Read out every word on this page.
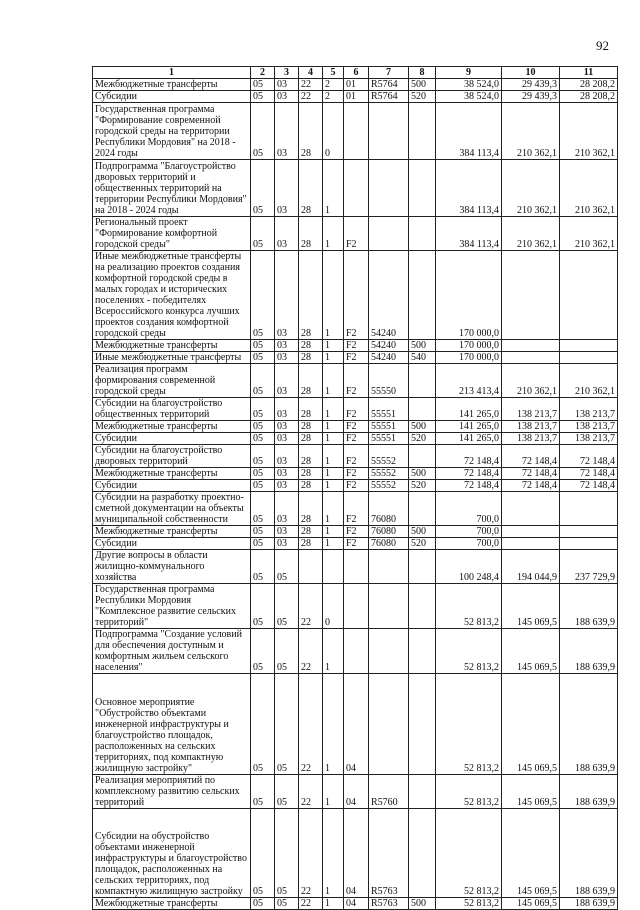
92
1	2	3	4	5	6	7	8	9	10	11
Межбюджетные трансферты	05	03	22	2	01	R5764	500	38 524,0	29 439,3	28 208,2
Субсидии	05	03	22	2	01	R5764	520	38 524,0	29 439,3	28 208,2
Государственная программа "Формирование современной городской среды на территории Республики Мордовия" на 2018 - 2024 годы	05	03	28	0				384 113,4	210 362,1	210 362,1
Подпрограмма "Благоустройство дворовых территорий и общественных территорий на территории Республики Мордовия" на 2018 - 2024 годы	05	03	28	1				384 113,4	210 362,1	210 362,1
Региональный проект "Формирование комфортной городской среды"	05	03	28	1	F2			384 113,4	210 362,1	210 362,1
Иные межбюджетные трансферты на реализацию проектов создания комфортной городской среды в малых городах и исторических поселениях - победителях Всероссийского конкурса лучших проектов создания комфортной городской среды	05	03	28	1	F2	54240		170 000,0		
Межбюджетные трансферты	05	03	28	1	F2	54240	500	170 000,0		
Иные межбюджетные трансферты	05	03	28	1	F2	54240	540	170 000,0		
Реализация программ формирования современной городской среды	05	03	28	1	F2	55550		213 413,4	210 362,1	210 362,1
Субсидии на благоустройство общественных территорий	05	03	28	1	F2	55551		141 265,0	138 213,7	138 213,7
Межбюджетные трансферты	05	03	28	1	F2	55551	500	141 265,0	138 213,7	138 213,7
Субсидии	05	03	28	1	F2	55551	520	141 265,0	138 213,7	138 213,7
Субсидии на благоустройство дворовых территорий	05	03	28	1	F2	55552		72 148,4	72 148,4	72 148,4
Межбюджетные трансферты	05	03	28	1	F2	55552	500	72 148,4	72 148,4	72 148,4
Субсидии	05	03	28	1	F2	55552	520	72 148,4	72 148,4	72 148,4
Субсидии на разработку проектно-сметной документации на объекты муниципальной собственности	05	03	28	1	F2	76080		700,0		
Межбюджетные трансферты	05	03	28	1	F2	76080	500	700,0		
Субсидии	05	03	28	1	F2	76080	520	700,0		
Другие вопросы в области жилищно-коммунального хозяйства	05	05						100 248,4	194 044,9	237 729,9
Государственная программа Республики Мордовия "Комплексное развитие сельских территорий"	05	05	22	0				52 813,2	145 069,5	188 639,9
Подпрограмма "Создание условий для обеспечения доступным и комфортным жильем сельского населения"	05	05	22	1				52 813,2	145 069,5	188 639,9
Основное мероприятие "Обустройство объектами инженерной инфраструктуры и благоустройство площадок, расположенных на сельских территориях, под компактную жилищную застройку"	05	05	22	1	04			52 813,2	145 069,5	188 639,9
Реализация мероприятий по комплексному развитию сельских территорий	05	05	22	1	04	R5760		52 813,2	145 069,5	188 639,9
Субсидии на обустройство объектами инженерной инфраструктуры и благоустройство площадок, расположенных на сельских территориях, под компактную жилищную застройку	05	05	22	1	04	R5763		52 813,2	145 069,5	188 639,9
Межбюджетные трансферты	05	05	22	1	04	R5763	500	52 813,2	145 069,5	188 639,9
